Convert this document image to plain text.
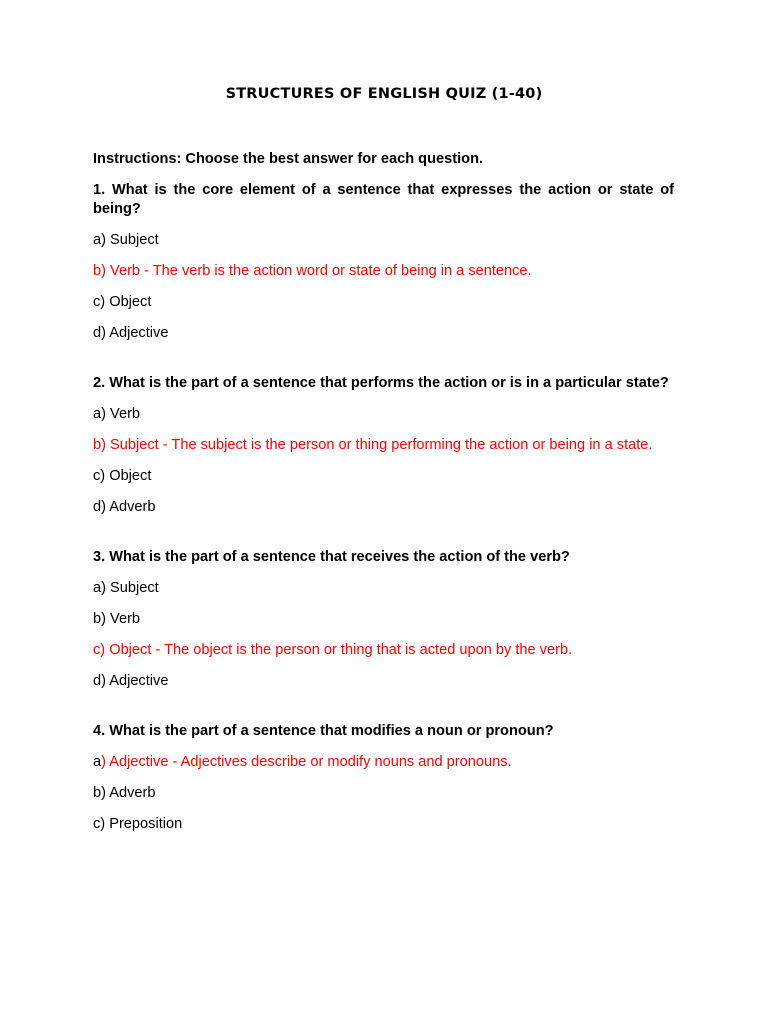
STRUCTURES OF ENGLISH QUIZ (1-40)

Instructions: Choose the best answer for each question.

1. What is the core element of a sentence that expresses the action or state of being?

a) Subject

b) Verb - The verb is the action word or state of being in a sentence.

c) Object

d) Adjective

2. What is the part of a sentence that performs the action or is in a particular state?

a) Verb

b) Subject - The subject is the person or thing performing the action or being in a state.

c) Object

d) Adverb

3. What is the part of a sentence that receives the action of the verb?

a) Subject

b) Verb

c) Object - The object is the person or thing that is acted upon by the verb.

d) Adjective

4. What is the part of a sentence that modifies a noun or pronoun?

a) Adjective - Adjectives describe or modify nouns and pronouns.

b) Adverb

c) Preposition
